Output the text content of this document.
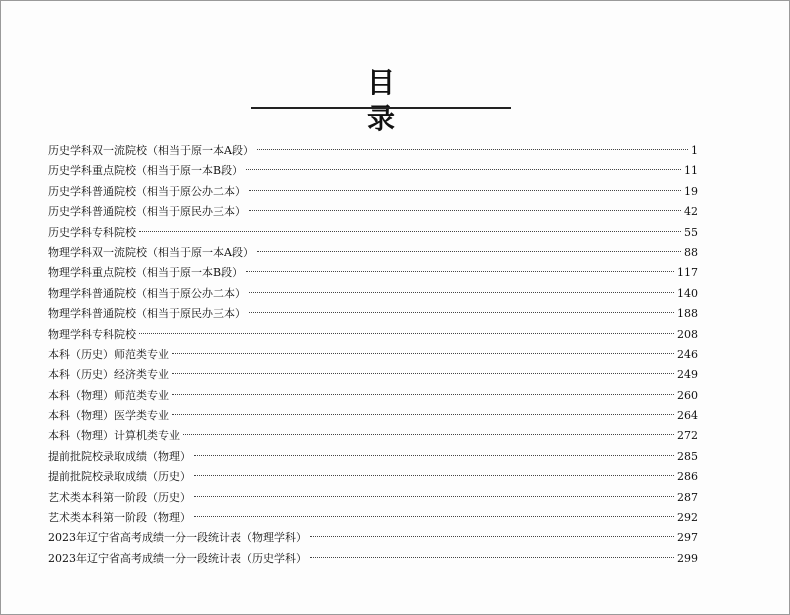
目 录
历史学科双一流院校（相当于原一本A段）	1
历史学科重点院校（相当于原一本B段）	11
历史学科普通院校（相当于原公办二本）	19
历史学科普通院校（相当于原民办三本）	42
历史学科专科院校	55
物理学科双一流院校（相当于原一本A段）	88
物理学科重点院校（相当于原一本B段）	117
物理学科普通院校（相当于原公办二本）	140
物理学科普通院校（相当于原民办三本）	188
物理学科专科院校	208
本科（历史）师范类专业	246
本科（历史）经济类专业	249
本科（物理）师范类专业	260
本科（物理）医学类专业	264
本科（物理）计算机类专业	272
提前批院校录取成绩（物理）	285
提前批院校录取成绩（历史）	286
艺术类本科第一阶段（历史）	287
艺术类本科第一阶段（物理）	292
2023年辽宁省高考成绩一分一段统计表（物理学科）	297
2023年辽宁省高考成绩一分一段统计表（历史学科）	299
